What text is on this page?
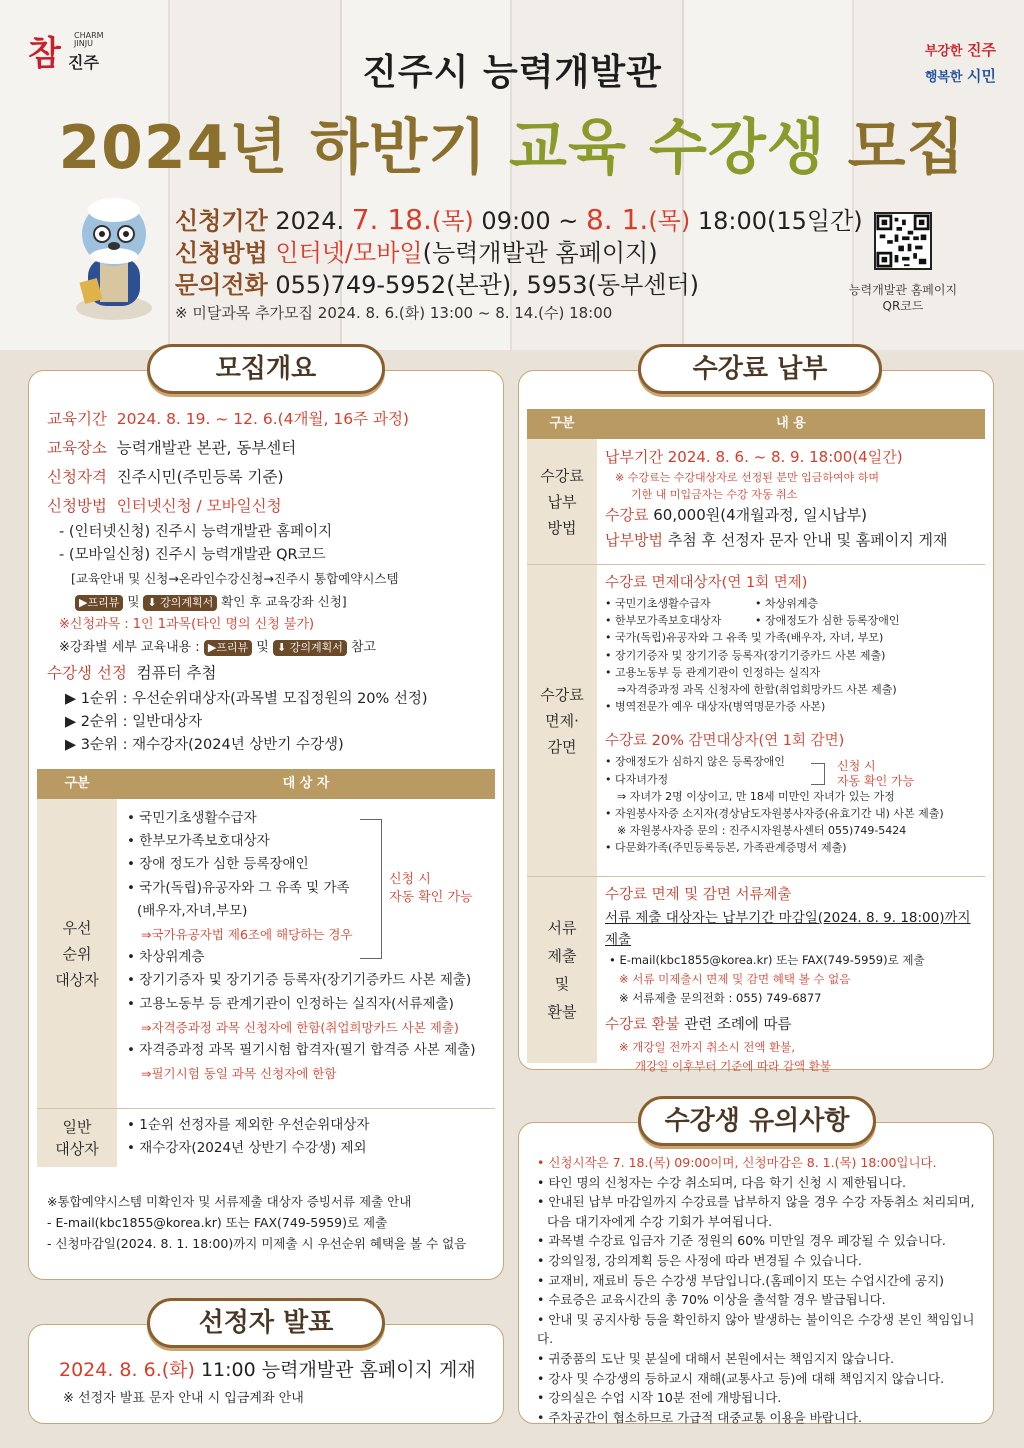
참 CHARM
JINJU
진주
부강한 진주
행복한 시민
진주시 능력개발관
2024년 하반기 교육 수강생 모집
신청기간 2024. 7. 18.(목) 09:00 ~ 8. 1.(목) 18:00(15일간)
신청방법 인터넷/모바일(능력개발관 홈페이지)
문의전화 055)749-5952(본관), 5953(동부센터)
※ 미달과목 추가모집 2024. 8. 6.(화) 13:00 ~ 8. 14.(수) 18:00
능력개발관 홈페이지
QR코드
교육기간 2024. 8. 19. ~ 12. 6.(4개월, 16주 과정)
교육장소 능력개발관 본관, 동부센터
신청자격 진주시민(주민등록 기준)
신청방법 인터넷신청 / 모바일신청
- (인터넷신청) 진주시 능력개발관 홈페이지
- (모바일신청) 진주시 능력개발관 QR코드
[교육안내 및 신청→온라인수강신청→진주시 통합예약시스템
▶프리뷰 및 ⬇ 강의계획서 확인 후 교육강좌 신청]
※신청과목 : 1인 1과목(타인 명의 신청 불가)
※강좌별 세부 교육내용 : ▶프리뷰 및 ⬇ 강의계획서 참고
수강생 선정 컴퓨터 추첨
▶ 1순위 : 우선순위대상자(과목별 모집정원의 20% 선정)
▶ 2순위 : 일반대상자
▶ 3순위 : 재수강자(2024년 상반기 수강생)
구분	대 상 자
우선
순위
대상자
• 국민기초생활수급자
• 한부모가족보호대상자
• 장애 정도가 심한 등록장애인
• 국가(독립)유공자와 그 유족 및 가족
(배우자,자녀,부모)
⇒국가유공자법 제6조에 해당하는 경우
• 차상위계층
• 장기기증자 및 장기기증 등록자(장기기증카드 사본 제출)
• 고용노동부 등 관계기관이 인정하는 실직자(서류제출)
⇒자격증과정 과목 신청자에 한함(취업희망카드 사본 제출)
• 자격증과정 과목 필기시험 합격자(필기 합격증 사본 제출)
⇒필기시험 동일 과목 신청자에 한함
신청 시
자동 확인 가능
일반
대상자
• 1순위 선정자를 제외한 우선순위대상자
• 재수강자(2024년 상반기 수강생) 제외
※통합예약시스템 미확인자 및 서류제출 대상자 증빙서류 제출 안내
- E-mail(kbc1855@korea.kr) 또는 FAX(749-5959)로 제출
- 신청마감일(2024. 8. 1. 18:00)까지 미제출 시 우선순위 혜택을 볼 수 없음
모집개요
2024. 8. 6.(화) 11:00 능력개발관 홈페이지 게재
※ 선정자 발표 문자 안내 시 입금계좌 안내
선정자 발표
구분	내 용
수강료
납부
방법
납부기간 2024. 8. 6. ~ 8. 9. 18:00(4일간)
※ 수강료는 수강대상자로 선정된 분만 입금하여야 하며
기한 내 미입금자는 수강 자동 취소
수강료 60,000원(4개월과정, 일시납부)
납부방법 추첨 후 선정자 문자 안내 및 홈페이지 게재
수강료
면제·
감면
수강료 면제대상자(연 1회 면제)
• 국민기초생활수급자	• 차상위계층
• 한부모가족보호대상자	• 장애정도가 심한 등록장애인
• 국가(독립)유공자와 그 유족 및 가족(배우자, 자녀, 부모)
• 장기기증자 및 장기기증 등록자(장기기증카드 사본 제출)
• 고용노동부 등 관계기관이 인정하는 실직자
⇒자격증과정 과목 신청자에 한함(취업희망카드 사본 제출)
• 병역전문가 예우 대상자(병역명문가증 사본)
수강료 20% 감면대상자(연 1회 감면)
• 장애정도가 심하지 않은 등록장애인
• 다자녀가정
⇒ 자녀가 2명 이상이고, 만 18세 미만인 자녀가 있는 가정
• 자원봉사자증 소지자(경상남도자원봉사자증(유효기간 내) 사본 제출)
※ 자원봉사자증 문의 : 진주시자원봉사센터 055)749-5424
• 다문화가족(주민등록등본, 가족관계증명서 제출)
신청 시
자동 확인 가능
서류
제출
및
환불
수강료 면제 및 감면 서류제출
서류 제출 대상자는 납부기간 마감일(2024. 8. 9. 18:00)까지 제출
• E-mail(kbc1855@korea.kr) 또는 FAX(749-5959)로 제출
※ 서류 미제출시 면제 및 감면 혜택 볼 수 없음
※ 서류제출 문의전화 : 055) 749-6877
수강료 환불 관련 조례에 따름
※ 개강일 전까지 취소시 전액 환불,
개강일 이후부터 기준에 따라 감액 환불
수강료 납부
• 신청시작은 7. 18.(목) 09:00이며, 신청마감은 8. 1.(목) 18:00입니다.
• 타인 명의 신청자는 수강 취소되며, 다음 학기 신청 시 제한됩니다.
• 안내된 납부 마감일까지 수강료를 납부하지 않을 경우 수강 자동취소 처리되며,
다음 대기자에게 수강 기회가 부여됩니다.
• 과목별 수강료 입금자 기준 정원의 60% 미만일 경우 폐강될 수 있습니다.
• 강의일정, 강의계획 등은 사정에 따라 변경될 수 있습니다.
• 교재비, 재료비 등은 수강생 부담입니다.(홈페이지 또는 수업시간에 공지)
• 수료증은 교육시간의 총 70% 이상을 출석할 경우 발급됩니다.
• 안내 및 공지사항 등을 확인하지 않아 발생하는 불이익은 수강생 본인 책임입니다.
• 귀중품의 도난 및 분실에 대해서 본원에서는 책임지지 않습니다.
• 강사 및 수강생의 등하교시 재해(교통사고 등)에 대해 책임지지 않습니다.
• 강의실은 수업 시작 10분 전에 개방됩니다.
• 주차공간이 협소하므로 가급적 대중교통 이용을 바랍니다.
수강생 유의사항
